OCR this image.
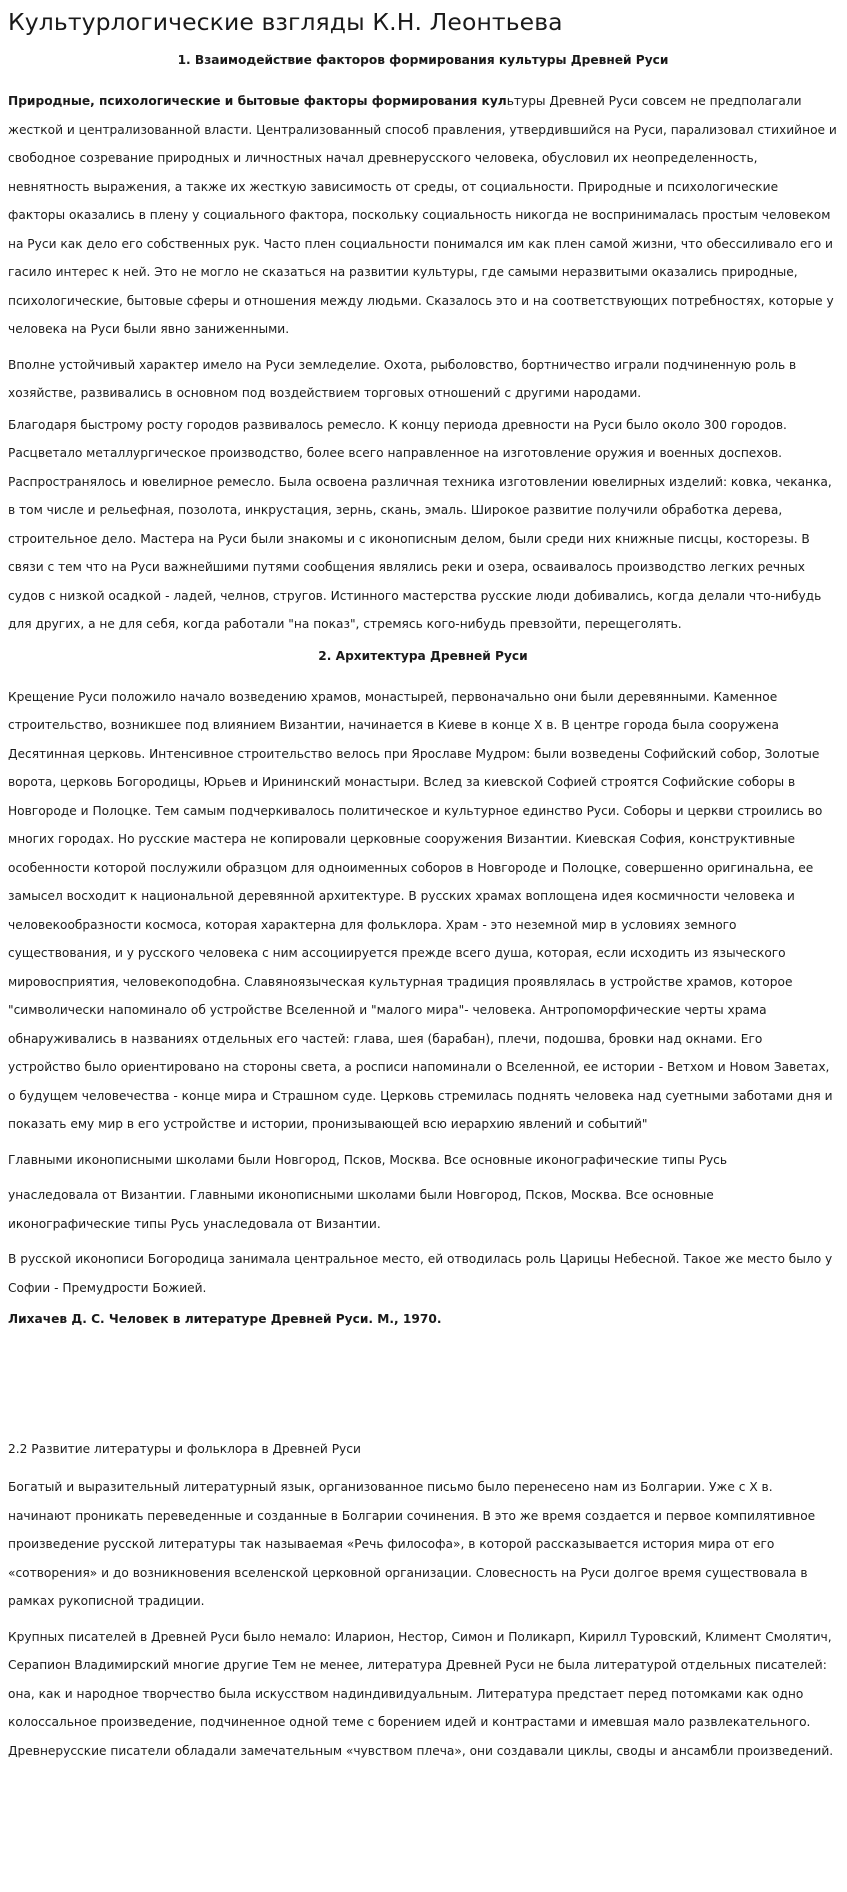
Культурлогические взгляды К.Н. Леонтьева
1. Взаимодействие факторов формирования культуры Древней Руси

Природные, психологические и бытовые факторы формирования культуры Древней Руси совсем не предполагали жесткой и централизованной власти. Централизованный способ правления, утвердившийся на Руси, парализовал стихийное и свободное созревание природных и личностных начал древнерусского человека, обусловил их неопределенность, невнятность выражения, а также их жесткую зависимость от среды, от социальности. Природные и психологические факторы оказались в плену у социального фактора, поскольку социальность никогда не воспринималась простым человеком на Руси как дело его собственных рук. Часто плен социальности понимался им как плен самой жизни, что обессиливало его и гасило интерес к ней. Это не могло не сказаться на развитии культуры, где самыми неразвитыми оказались природные, психологические, бытовые сферы и отношения между людьми. Сказалось это и на соответствующих потребностях, которые у человека на Руси были явно заниженными.

Вполне устойчивый характер имело на Руси земледелие. Охота, рыболовство, бортничество играли подчиненную роль в хозяйстве, развивались в основном под воздействием торговых отношений с другими народами.

Благодаря быстрому росту городов развивалось ремесло. К концу периода древности на Руси было около 300 городов. Расцветало металлургическое производство, более всего направленное на изготовление оружия и военных доспехов. Распространялось и ювелирное ремесло. Была освоена различная техника изготовлении ювелирных изделий: ковка, чеканка, в том числе и рельефная, позолота, инкрустация, зернь, скань, эмаль. Широкое развитие получили обработка дерева, строительное дело. Мастера на Руси были знакомы и с иконописным делом, были среди них книжные писцы, косторезы. В связи с тем что на Руси важнейшими путями сообщения являлись реки и озера, осваивалось производство легких речных судов с низкой осадкой - ладей, челнов, стругов. Истинного мастерства русские люди добивались, когда делали что-нибудь для других, а не для себя, когда работали "на показ", стремясь кого-нибудь превзойти, перещеголять.

2. Архитектура Древней Руси

Крещение Руси положило начало возведению храмов, монастырей, первоначально они были деревянными. Каменное строительство, возникшее под влиянием Византии, начинается в Киеве в конце X в. В центре города была сооружена Десятинная церковь. Интенсивное строительство велось при Ярославе Мудром: были возведены Софийский собор, Золотые ворота, церковь Богородицы, Юрьев и Ирининский монастыри. Вслед за киевской Софией строятся Софийские соборы в Новгороде и Полоцке. Тем самым подчеркивалось политическое и культурное единство Руси. Соборы и церкви строились во многих городах. Но русские мастера не копировали церковные сооружения Византии. Киевская София, конструктивные особенности которой послужили образцом для одноименных соборов в Новгороде и Полоцке, совершенно оригинальна, ее замысел восходит к национальной деревянной архитектуре. В русских храмах воплощена идея космичности человека и человекообразности космоса, которая характерна для фольклора. Храм - это неземной мир в условиях земного существования, и у русского человека с ним ассоциируется прежде всего душа, которая, если исходить из языческого мировосприятия, человекоподобна. Славяноязыческая культурная традиция проявлялась в устройстве храмов, которое "символически напоминало об устройстве Вселенной и "малого мира"- человека. Антропоморфические черты храма обнаруживались в названиях отдельных его частей: глава, шея (барабан), плечи, подошва, бровки над окнами. Его устройство было ориентировано на стороны света, а росписи напоминали о Вселенной, ее истории - Ветхом и Новом Заветах, о будущем человечества - конце мира и Страшном суде. Церковь стремилась поднять человека над суетными заботами дня и показать ему мир в его устройстве и истории, пронизывающей всю иерархию явлений и событий"

Главными иконописными школами были Новгород, Псков, Москва. Все основные иконографические типы Русь

унаследовала от Византии. Главными иконописными школами были Новгород, Псков, Москва. Все основные иконографические типы Русь унаследовала от Византии.

В русской иконописи Богородица занимала центральное место, ей отводилась роль Царицы Небесной. Такое же место было у Софии - Премудрости Божией.

Лихачев Д. С. Человек в литературе Древней Руси. М., 1970.
2.2 Развитие литературы и фольклора в Древней Руси

Богатый и выразительный литературный язык, организованное письмо было перенесено нам из Болгарии. Уже с X в. начинают проникать переведенные и созданные в Болгарии сочинения. В это же время создается и первое компилятивное произведение русской литературы так называемая «Речь философа», в которой рассказывается история мира от его «сотворения» и до возникновения вселенской церковной организации. Словесность на Руси долгое время существовала в рамках рукописной традиции.

Крупных писателей в Древней Руси было немало: Иларион, Нестор, Симон и Поликарп, Кирилл Туровский, Климент Смолятич, Серапион Владимирский многие другие Тем не менее, литература Древней Руси не была литературой отдельных писателей: она, как и народное творчество была искусством надиндивидуальным. Литература предстает перед потомками как одно колоссальное произведение, подчиненное одной теме с борением идей и контрастами и имевшая мало развлекательного. Древнерусские писатели обладали замечательным «чувством плеча», они создавали циклы, своды и ансамбли произведений.
